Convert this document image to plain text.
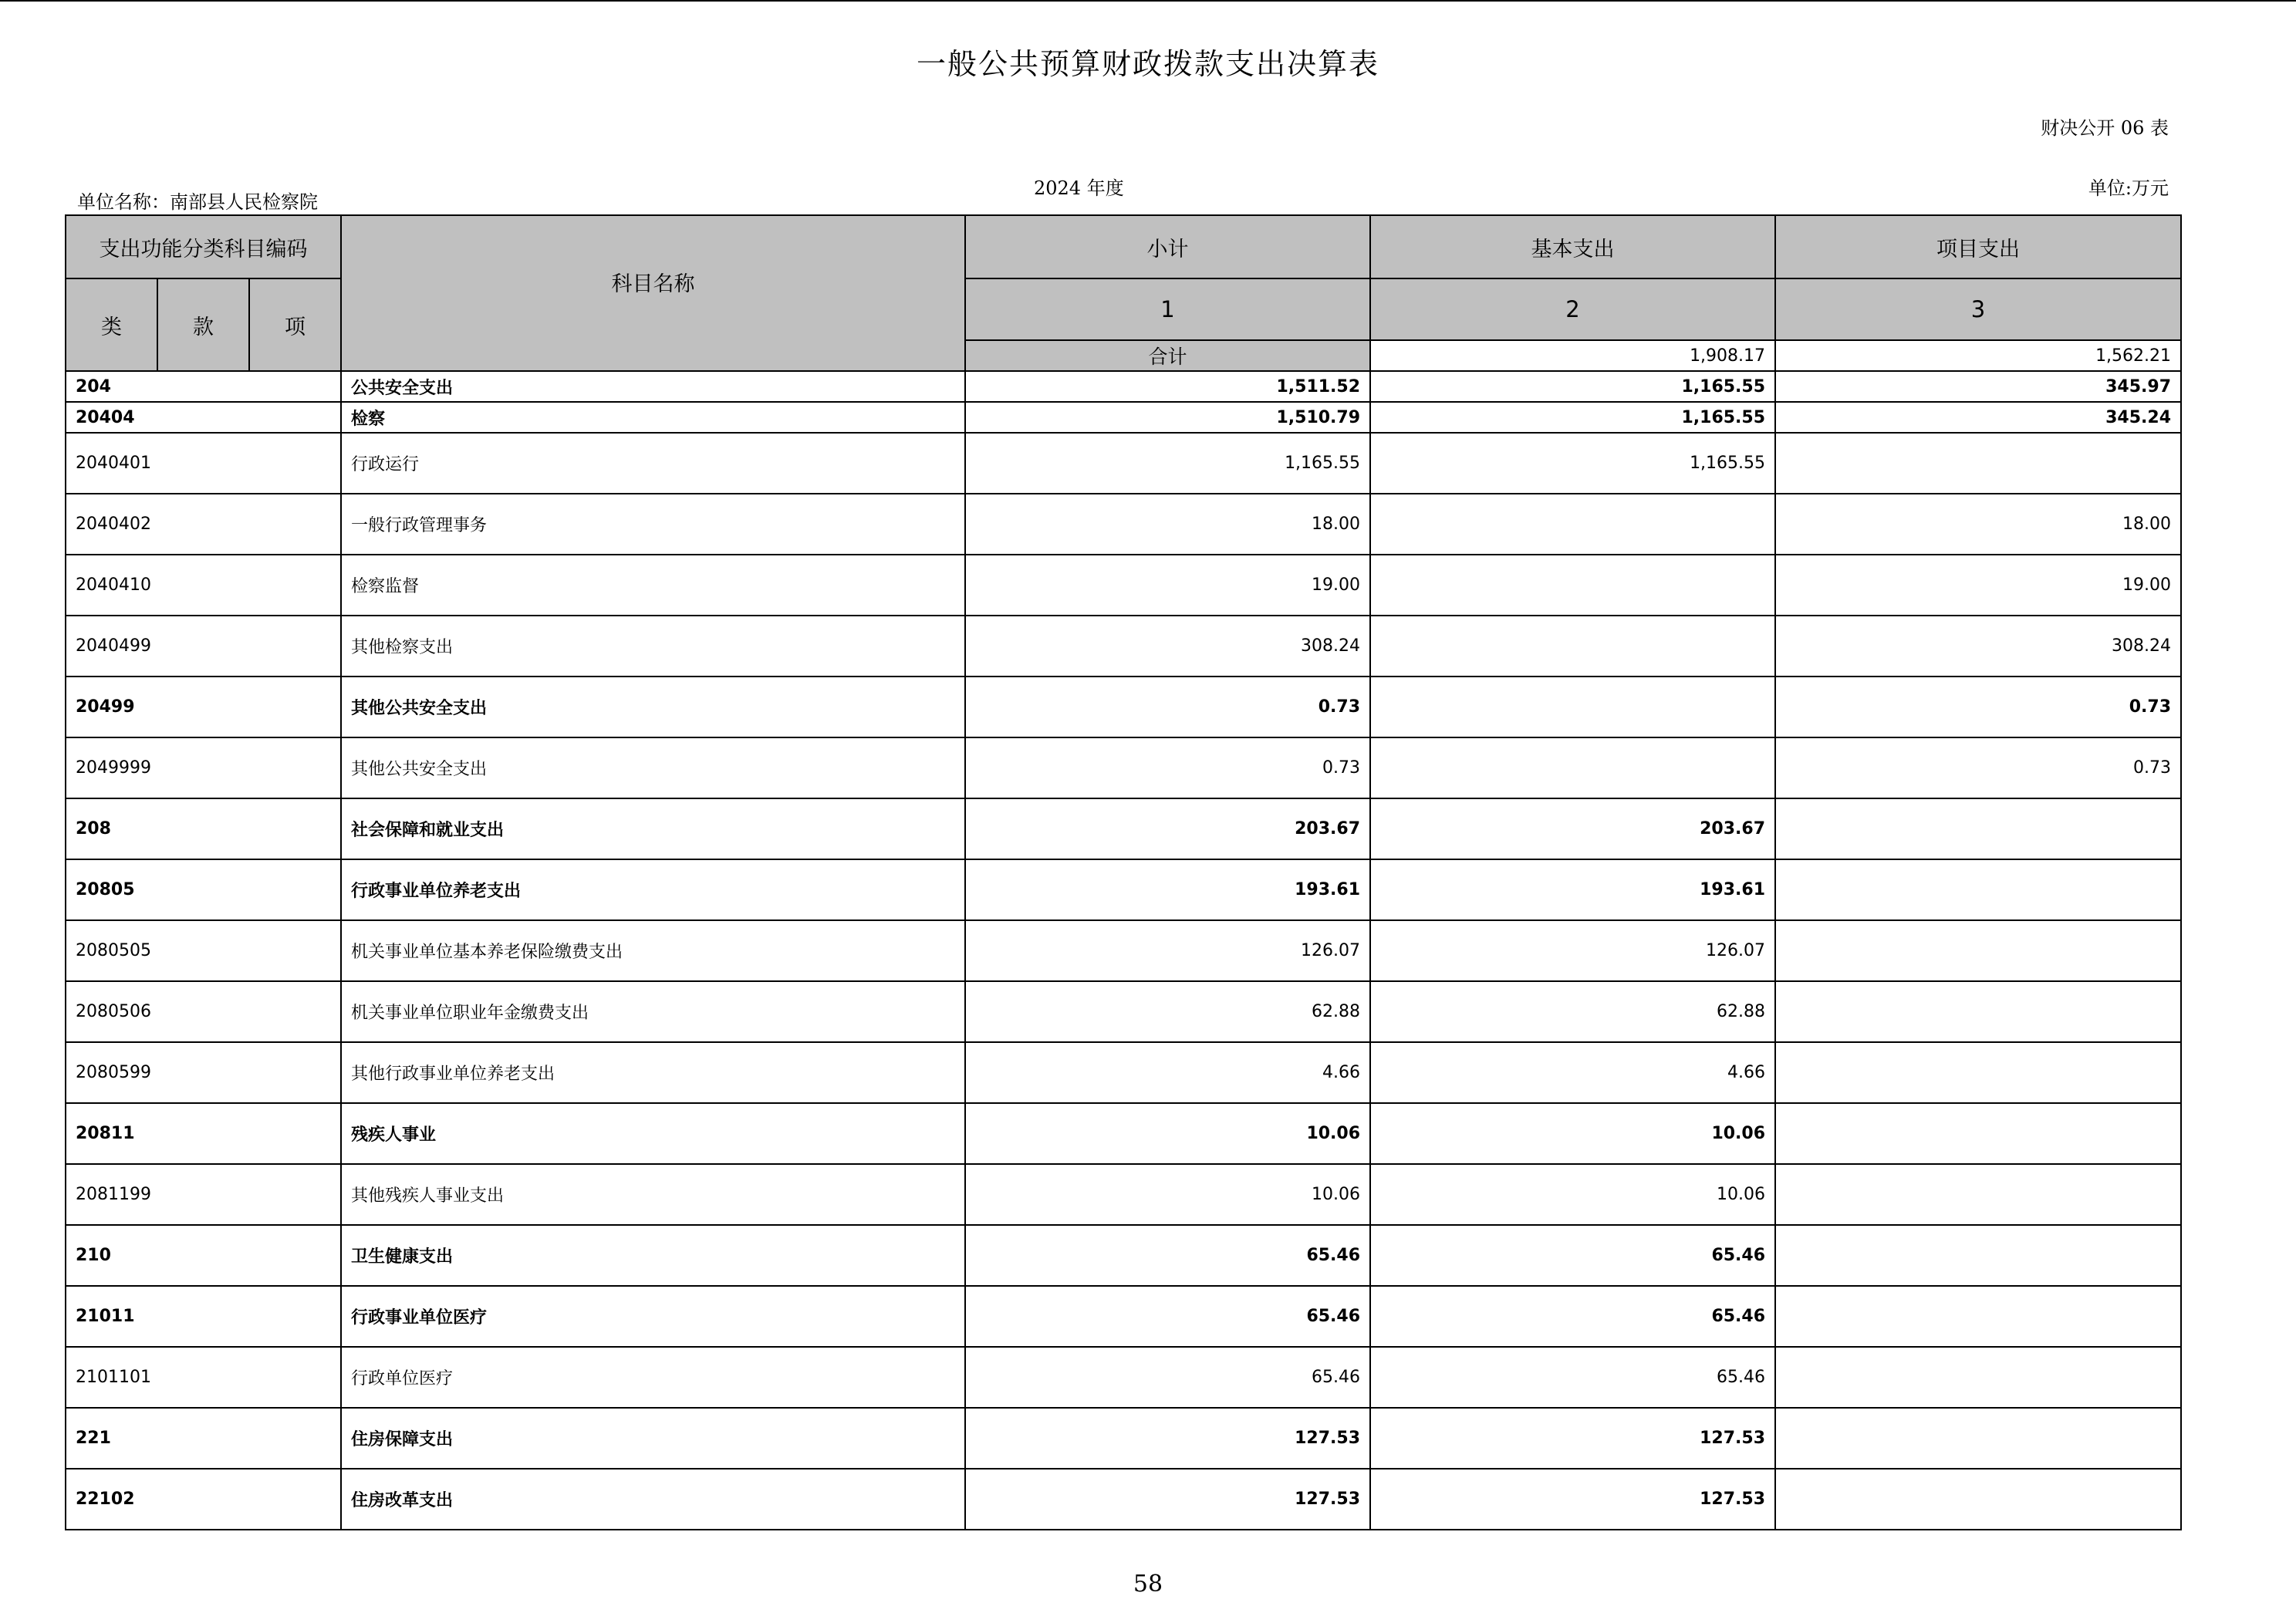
一般公共预算财政拨款支出决算表
财决公开 06 表
单位名称：南部县人民检察院
2024 年度	单位:万元
支出功能分类科目编码			科目名称	小计	基本支出	项目支出	
类	款	项		1	2	3	
				合计	1,908.17	1,562.21	
204			公共安全支出	1,511.52	1,165.55	345.97	
20404			检察	1,510.79	1,165.55	345.24	
2040401			行政运行	1,165.55	1,165.55		
2040402			一般行政管理事务	18.00		18.00	
2040410			检察监督	19.00		19.00	
2040499			其他检察支出	308.24		308.24	
20499			其他公共安全支出	0.73		0.73	
2049999			其他公共安全支出	0.73		0.73	
208			社会保障和就业支出	203.67	203.67		
20805			行政事业单位养老支出	193.61	193.61		
2080505			机关事业单位基本养老保险缴费支出	126.07	126.07		
2080506			机关事业单位职业年金缴费支出	62.88	62.88		
2080599			其他行政事业单位养老支出	4.66	4.66		
20811			残疾人事业	10.06	10.06		
2081199			其他残疾人事业支出	10.06	10.06		
210			卫生健康支出	65.46	65.46		
21011			行政事业单位医疗	65.46	65.46		
2101101			行政单位医疗	65.46	65.46		
221			住房保障支出	127.53	127.53		
22102			住房改革支出	127.53	127.53		
58
